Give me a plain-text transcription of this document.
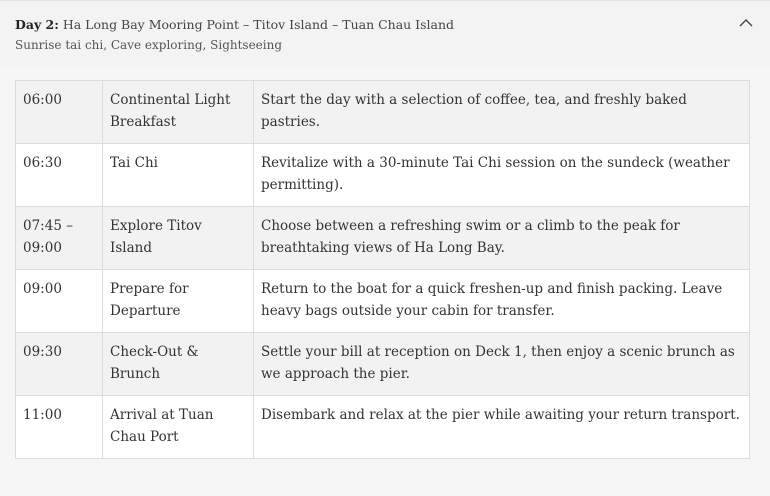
Day 2: Ha Long Bay Mooring Point – Titov Island – Tuan Chau Island
Sunrise tai chi, Cave exploring, Sightseeing
06:00	Continental Light Breakfast	Start the day with a selection of coffee, tea, and freshly baked pastries.
06:30	Tai Chi	Revitalize with a 30-minute Tai Chi session on the sundeck (weather permitting).
07:45 – 09:00	Explore Titov Island	Choose between a refreshing swim or a climb to the peak for breathtaking views of Ha Long Bay.
09:00	Prepare for Departure	Return to the boat for a quick freshen-up and finish packing. Leave heavy bags outside your cabin for transfer.
09:30	Check-Out & Brunch	Settle your bill at reception on Deck 1, then enjoy a scenic brunch as we approach the pier.
11:00	Arrival at Tuan Chau Port	Disembark and relax at the pier while awaiting your return transport.
